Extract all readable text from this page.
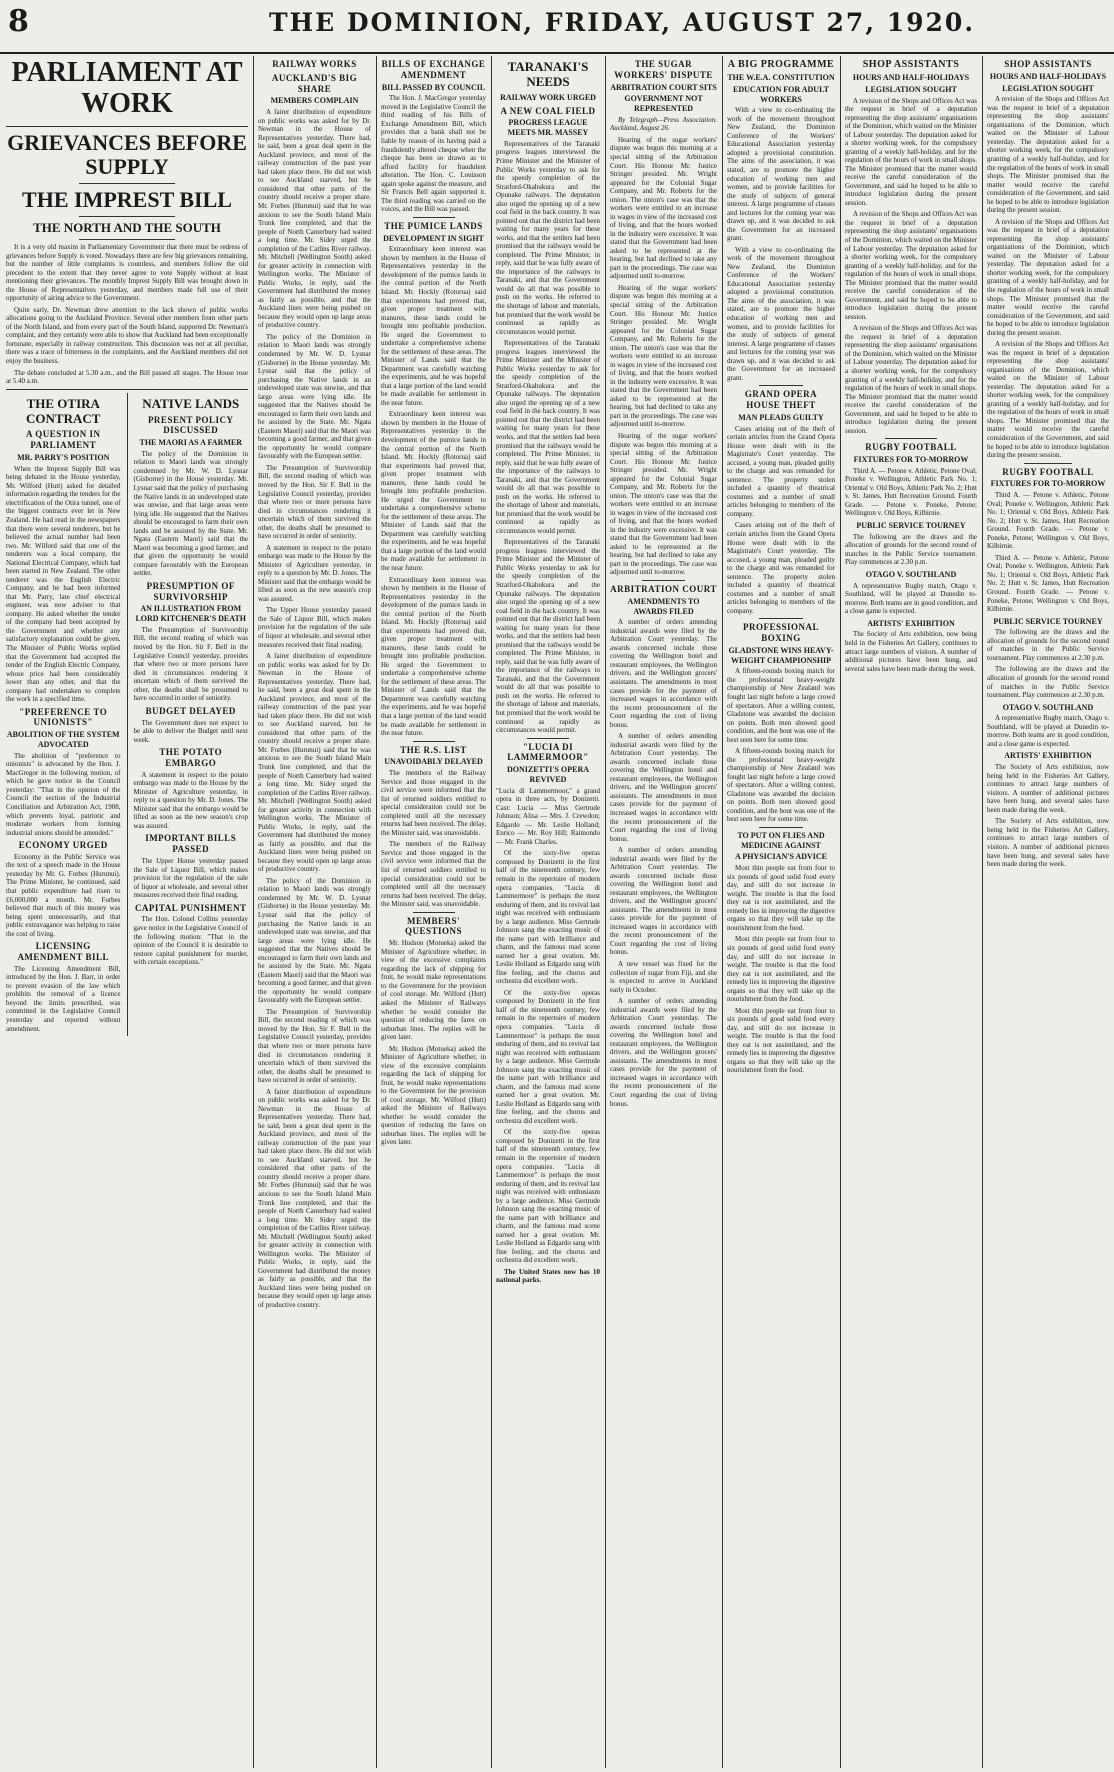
8	THE DOMINION, FRIDAY, AUGUST 27, 1920.
PARLIAMENT AT WORK
GRIEVANCES BEFORE SUPPLY
THE IMPREST BILL
THE NORTH AND THE SOUTH

It is a very old maxim in Parliamentary Government that there must be redress of grievances before Supply is voted. Nowadays there are few big grievances remaining, but the number of little complaints is countless, and members follow the old precedent to the extent that they never agree to vote Supply without at least mentioning their grievances. The monthly Imprest Supply Bill was brought down in the House of Representatives yesterday, and members made full use of their opportunity of airing advice to the Government.

Quite early, Dr. Newman drew attention to the lack shown of public works allocations going to the Auckland Province. Several other members from other parts of the North Island, and from every part of the South Island, supported Dr. Newman's complaint, and they certainly were able to show that Auckland had been exceptionally fortunate, especially in railway construction. This discussion was not at all peculiar, there was a trace of bitterness in the complaints, and the Auckland members did not enjoy the business.

The debate concluded at 5.30 a.m., and the Bill passed all stages. The House rose at 5.40 a.m.

THE OTIRA CONTRACT
A QUESTION IN PARLIAMENT
MR. PARRY'S POSITION

When the Imprest Supply Bill was being debated in the House yesterday, Mr. Wilford (Hutt) asked for detailed information regarding the tenders for the electrification of the Otira tunnel, one of the biggest contracts ever let in New Zealand. He had read in the newspapers that there were several tenderers, but he believed the actual number had been two. Mr. Wilford said that one of the tenderers was a local company, the National Electrical Company, which had been started in New Zealand. The other tenderer was the English Electric Company, and he had been informed that Mr. Parry, late chief electrical engineer, was now adviser to that company. He asked whether the tender of the company had been accepted by the Government and whether any satisfactory explanation could be given. The Minister of Public Works replied that the Government had accepted the tender of the English Electric Company, whose price had been considerably lower than any other, and that the company had undertaken to complete the work in a specified time.

"PREFERENCE TO UNIONISTS"
ABOLITION OF THE SYSTEM ADVOCATED

The abolition of "preference to unionists" is advocated by the Hon. J. MacGregor in the following motion, of which he gave notice in the Council yesterday: "That in the opinion of the Council the section of the Industrial Conciliation and Arbitration Act, 1908, which prevents loyal, patriotic and moderate workers from forming industrial unions should be amended."

ECONOMY URGED

Economy in the Public Service was the text of a speech made in the House yesterday by Mr. G. Forbes (Hurunui). The Prime Minister, he continued, said that public expenditure had risen to £6,000,000 a month. Mr. Forbes believed that much of this money was being spent unnecessarily, and that public extravagance was helping to raise the cost of living.

LICENSING AMENDMENT BILL

The Licensing Amendment Bill, introduced by the Hon. J. Barr, in order to prevent evasion of the law which prohibits the removal of a licence beyond the limits prescribed, was committed in the Legislative Council yesterday and reported without amendment.

NATIVE LANDS
PRESENT POLICY DISCUSSED
THE MAORI AS A FARMER

The policy of the Dominion in relation to Maori lands was strongly condemned by Mr. W. D. Lysnar (Gisborne) in the House yesterday. Mr. Lysnar said that the policy of purchasing the Native lands in an undeveloped state was unwise, and that large areas were lying idle. He suggested that the Natives should be encouraged to farm their own lands and be assisted by the State. Mr. Ngata (Eastern Maori) said that the Maori was becoming a good farmer, and that given the opportunity he would compare favourably with the European settler.

PRESUMPTION OF SURVIVORSHIP
AN ILLUSTRATION FROM LORD KITCHENER'S DEATH

The Presumption of Survivorship Bill, the second reading of which was moved by the Hon. Sir F. Bell in the Legislative Council yesterday, provides that where two or more persons have died in circumstances rendering it uncertain which of them survived the other, the deaths shall be presumed to have occurred in order of seniority.

BUDGET DELAYED

The Government does not expect to be able to deliver the Budget until next week.

THE POTATO EMBARGO

A statement in respect to the potato embargo was made to the House by the Minister of Agriculture yesterday, in reply to a question by Mr. D. Jones. The Minister said that the embargo would be lifted as soon as the new season's crop was assured.

IMPORTANT BILLS PASSED

The Upper House yesterday passed the Sale of Liquor Bill, which makes provision for the regulation of the sale of liquor at wholesale, and several other measures received their final reading.

CAPITAL PUNISHMENT

The Hon. Colonel Collins yesterday gave notice in the Legislative Council of the following motion: "That in the opinion of the Council it is desirable to restore capital punishment for murder, with certain exceptions."

RAILWAY WORKS
AUCKLAND'S BIG SHARE
MEMBERS COMPLAIN

A fairer distribution of expenditure on public works was asked for by Dr. Newman in the House of Representatives yesterday. There had, he said, been a great deal spent in the Auckland province, and most of the railway construction of the past year had taken place there. He did not wish to see Auckland starved, but he considered that other parts of the country should receive a proper share. Mr. Forbes (Hurunui) said that he was anxious to see the South Island Main Trunk line completed, and that the people of North Canterbury had waited a long time. Mr. Sidey urged the completion of the Catlins River railway. Mr. Mitchell (Wellington South) asked for greater activity in connection with Wellington works. The Minister of Public Works, in reply, said the Government had distributed the money as fairly as possible, and that the Auckland lines were being pushed on because they would open up large areas of productive country.

The policy of the Dominion in relation to Maori lands was strongly condemned by Mr. W. D. Lysnar (Gisborne) in the House yesterday. Mr. Lysnar said that the policy of purchasing the Native lands in an undeveloped state was unwise, and that large areas were lying idle. He suggested that the Natives should be encouraged to farm their own lands and be assisted by the State. Mr. Ngata (Eastern Maori) said that the Maori was becoming a good farmer, and that given the opportunity he would compare favourably with the European settler.

The Presumption of Survivorship Bill, the second reading of which was moved by the Hon. Sir F. Bell in the Legislative Council yesterday, provides that where two or more persons have died in circumstances rendering it uncertain which of them survived the other, the deaths shall be presumed to have occurred in order of seniority.

A statement in respect to the potato embargo was made to the House by the Minister of Agriculture yesterday, in reply to a question by Mr. D. Jones. The Minister said that the embargo would be lifted as soon as the new season's crop was assured.

The Upper House yesterday passed the Sale of Liquor Bill, which makes provision for the regulation of the sale of liquor at wholesale, and several other measures received their final reading.

A fairer distribution of expenditure on public works was asked for by Dr. Newman in the House of Representatives yesterday. There had, he said, been a great deal spent in the Auckland province, and most of the railway construction of the past year had taken place there. He did not wish to see Auckland starved, but he considered that other parts of the country should receive a proper share. Mr. Forbes (Hurunui) said that he was anxious to see the South Island Main Trunk line completed, and that the people of North Canterbury had waited a long time. Mr. Sidey urged the completion of the Catlins River railway. Mr. Mitchell (Wellington South) asked for greater activity in connection with Wellington works. The Minister of Public Works, in reply, said the Government had distributed the money as fairly as possible, and that the Auckland lines were being pushed on because they would open up large areas of productive country.

The policy of the Dominion in relation to Maori lands was strongly condemned by Mr. W. D. Lysnar (Gisborne) in the House yesterday. Mr. Lysnar said that the policy of purchasing the Native lands in an undeveloped state was unwise, and that large areas were lying idle. He suggested that the Natives should be encouraged to farm their own lands and be assisted by the State. Mr. Ngata (Eastern Maori) said that the Maori was becoming a good farmer, and that given the opportunity he would compare favourably with the European settler.

The Presumption of Survivorship Bill, the second reading of which was moved by the Hon. Sir F. Bell in the Legislative Council yesterday, provides that where two or more persons have died in circumstances rendering it uncertain which of them survived the other, the deaths shall be presumed to have occurred in order of seniority.

A fairer distribution of expenditure on public works was asked for by Dr. Newman in the House of Representatives yesterday. There had, he said, been a great deal spent in the Auckland province, and most of the railway construction of the past year had taken place there. He did not wish to see Auckland starved, but he considered that other parts of the country should receive a proper share. Mr. Forbes (Hurunui) said that he was anxious to see the South Island Main Trunk line completed, and that the people of North Canterbury had waited a long time. Mr. Sidey urged the completion of the Catlins River railway. Mr. Mitchell (Wellington South) asked for greater activity in connection with Wellington works. The Minister of Public Works, in reply, said the Government had distributed the money as fairly as possible, and that the Auckland lines were being pushed on because they would open up large areas of productive country.

BILLS OF EXCHANGE AMENDMENT
BILL PASSED BY COUNCIL

The Hon. J. MacGregor yesterday moved in the Legislative Council the third reading of his Bills of Exchange Amendment Bill, which provides that a bank shall not be liable by reason of its having paid a fraudulently altered cheque when the cheque has been so drawn as to afford facility for fraudulent alteration. The Hon. C. Louisson again spoke against the measure, and Sir Francis Bell again supported it. The third reading was carried on the voices, and the Bill was passed.

THE PUMICE LANDS
DEVELOPMENT IN SIGHT

Extraordinary keen interest was shown by members in the House of Representatives yesterday in the development of the pumice lands in the central portion of the North Island. Mr. Hockly (Rotorua) said that experiments had proved that, given proper treatment with manures, these lands could be brought into profitable production. He urged the Government to undertake a comprehensive scheme for the settlement of these areas. The Minister of Lands said that the Department was carefully watching the experiments, and he was hopeful that a large portion of the land would be made available for settlement in the near future.

Extraordinary keen interest was shown by members in the House of Representatives yesterday in the development of the pumice lands in the central portion of the North Island. Mr. Hockly (Rotorua) said that experiments had proved that, given proper treatment with manures, these lands could be brought into profitable production. He urged the Government to undertake a comprehensive scheme for the settlement of these areas. The Minister of Lands said that the Department was carefully watching the experiments, and he was hopeful that a large portion of the land would be made available for settlement in the near future.

Extraordinary keen interest was shown by members in the House of Representatives yesterday in the development of the pumice lands in the central portion of the North Island. Mr. Hockly (Rotorua) said that experiments had proved that, given proper treatment with manures, these lands could be brought into profitable production. He urged the Government to undertake a comprehensive scheme for the settlement of these areas. The Minister of Lands said that the Department was carefully watching the experiments, and he was hopeful that a large portion of the land would be made available for settlement in the near future.

THE R.S. LIST
UNAVOIDABLY DELAYED

The members of the Railway Service and those engaged in the civil service were informed that the list of returned soldiers entitled to special consideration could not be completed until all the necessary returns had been received. The delay, the Minister said, was unavoidable.

The members of the Railway Service and those engaged in the civil service were informed that the list of returned soldiers entitled to special consideration could not be completed until all the necessary returns had been received. The delay, the Minister said, was unavoidable.

MEMBERS' QUESTIONS

Mr. Hudson (Motueka) asked the Minister of Agriculture whether, in view of the excessive complaints regarding the lack of shipping for fruit, he would make representations to the Government for the provision of cool storage. Mr. Wilford (Hutt) asked the Minister of Railways whether he would consider the question of reducing the fares on suburban lines. The replies will be given later.

Mr. Hudson (Motueka) asked the Minister of Agriculture whether, in view of the excessive complaints regarding the lack of shipping for fruit, he would make representations to the Government for the provision of cool storage. Mr. Wilford (Hutt) asked the Minister of Railways whether he would consider the question of reducing the fares on suburban lines. The replies will be given later.

TARANAKI'S NEEDS
RAILWAY WORK URGED
A NEW COAL FIELD
PROGRESS LEAGUE MEETS MR. MASSEY

Representatives of the Taranaki progress leagues interviewed the Prime Minister and the Minister of Public Works yesterday to ask for the speedy completion of the Stratford-Okahukura and the Opunake railways. The deputation also urged the opening up of a new coal field in the back country. It was pointed out that the district had been waiting for many years for these works, and that the settlers had been promised that the railways would be completed. The Prime Minister, in reply, said that he was fully aware of the importance of the railways to Taranaki, and that the Government would do all that was possible to push on the works. He referred to the shortage of labour and materials, but promised that the work would be continued as rapidly as circumstances would permit.

Representatives of the Taranaki progress leagues interviewed the Prime Minister and the Minister of Public Works yesterday to ask for the speedy completion of the Stratford-Okahukura and the Opunake railways. The deputation also urged the opening up of a new coal field in the back country. It was pointed out that the district had been waiting for many years for these works, and that the settlers had been promised that the railways would be completed. The Prime Minister, in reply, said that he was fully aware of the importance of the railways to Taranaki, and that the Government would do all that was possible to push on the works. He referred to the shortage of labour and materials, but promised that the work would be continued as rapidly as circumstances would permit.

Representatives of the Taranaki progress leagues interviewed the Prime Minister and the Minister of Public Works yesterday to ask for the speedy completion of the Stratford-Okahukura and the Opunake railways. The deputation also urged the opening up of a new coal field in the back country. It was pointed out that the district had been waiting for many years for these works, and that the settlers had been promised that the railways would be completed. The Prime Minister, in reply, said that he was fully aware of the importance of the railways to Taranaki, and that the Government would do all that was possible to push on the works. He referred to the shortage of labour and materials, but promised that the work would be continued as rapidly as circumstances would permit.

"LUCIA DI LAMMERMOOR"
DONIZETTI'S OPERA REVIVED

"Lucia di Lammermoor," a grand opera in three acts, by Donizetti. Cast: Lucia — Miss Gertrude Johnson; Alisa — Mrs. J. Crewdon; Edgardo — Mr. Leslie Holland; Enrico — Mr. Roy Hill; Raimondo — Mr. Frank Charles.

Of the sixty-five operas composed by Donizetti in the first half of the nineteenth century, few remain in the repertoire of modern opera companies. "Lucia di Lammermoor" is perhaps the most enduring of them, and its revival last night was received with enthusiasm by a large audience. Miss Gertrude Johnson sang the exacting music of the name part with brilliance and charm, and the famous mad scene earned her a great ovation. Mr. Leslie Holland as Edgardo sang with fine feeling, and the chorus and orchestra did excellent work.

Of the sixty-five operas composed by Donizetti in the first half of the nineteenth century, few remain in the repertoire of modern opera companies. "Lucia di Lammermoor" is perhaps the most enduring of them, and its revival last night was received with enthusiasm by a large audience. Miss Gertrude Johnson sang the exacting music of the name part with brilliance and charm, and the famous mad scene earned her a great ovation. Mr. Leslie Holland as Edgardo sang with fine feeling, and the chorus and orchestra did excellent work.

Of the sixty-five operas composed by Donizetti in the first half of the nineteenth century, few remain in the repertoire of modern opera companies. "Lucia di Lammermoor" is perhaps the most enduring of them, and its revival last night was received with enthusiasm by a large audience. Miss Gertrude Johnson sang the exacting music of the name part with brilliance and charm, and the famous mad scene earned her a great ovation. Mr. Leslie Holland as Edgardo sang with fine feeling, and the chorus and orchestra did excellent work.

The United States now has 10 national parks.

THE SUGAR WORKERS' DISPUTE
ARBITRATION COURT SITS
GOVERNMENT NOT REPRESENTED

By Telegraph—Press Association. Auckland, August 26.

Hearing of the sugar workers' dispute was begun this morning at a special sitting of the Arbitration Court. His Honour Mr. Justice Stringer presided. Mr. Wright appeared for the Colonial Sugar Company, and Mr. Roberts for the union. The union's case was that the workers were entitled to an increase in wages in view of the increased cost of living, and that the hours worked in the industry were excessive. It was stated that the Government had been asked to be represented at the hearing, but had declined to take any part in the proceedings. The case was adjourned until to-morrow.

Hearing of the sugar workers' dispute was begun this morning at a special sitting of the Arbitration Court. His Honour Mr. Justice Stringer presided. Mr. Wright appeared for the Colonial Sugar Company, and Mr. Roberts for the union. The union's case was that the workers were entitled to an increase in wages in view of the increased cost of living, and that the hours worked in the industry were excessive. It was stated that the Government had been asked to be represented at the hearing, but had declined to take any part in the proceedings. The case was adjourned until to-morrow.

Hearing of the sugar workers' dispute was begun this morning at a special sitting of the Arbitration Court. His Honour Mr. Justice Stringer presided. Mr. Wright appeared for the Colonial Sugar Company, and Mr. Roberts for the union. The union's case was that the workers were entitled to an increase in wages in view of the increased cost of living, and that the hours worked in the industry were excessive. It was stated that the Government had been asked to be represented at the hearing, but had declined to take any part in the proceedings. The case was adjourned until to-morrow.

ARBITRATION COURT
AMENDMENTS TO AWARDS FILED

A number of orders amending industrial awards were filed by the Arbitration Court yesterday. The awards concerned include those covering the Wellington hotel and restaurant employees, the Wellington drivers, and the Wellington grocers' assistants. The amendments in most cases provide for the payment of increased wages in accordance with the recent pronouncement of the Court regarding the cost of living bonus.

A number of orders amending industrial awards were filed by the Arbitration Court yesterday. The awards concerned include those covering the Wellington hotel and restaurant employees, the Wellington drivers, and the Wellington grocers' assistants. The amendments in most cases provide for the payment of increased wages in accordance with the recent pronouncement of the Court regarding the cost of living bonus.

A number of orders amending industrial awards were filed by the Arbitration Court yesterday. The awards concerned include those covering the Wellington hotel and restaurant employees, the Wellington drivers, and the Wellington grocers' assistants. The amendments in most cases provide for the payment of increased wages in accordance with the recent pronouncement of the Court regarding the cost of living bonus.

A new vessel was fixed for the collection of sugar from Fiji, and she is expected to arrive in Auckland early in October.

A number of orders amending industrial awards were filed by the Arbitration Court yesterday. The awards concerned include those covering the Wellington hotel and restaurant employees, the Wellington drivers, and the Wellington grocers' assistants. The amendments in most cases provide for the payment of increased wages in accordance with the recent pronouncement of the Court regarding the cost of living bonus.

A BIG PROGRAMME
THE W.E.A. CONSTITUTION
EDUCATION FOR ADULT WORKERS

With a view to co-ordinating the work of the movement throughout New Zealand, the Dominion Conference of the Workers' Educational Association yesterday adopted a provisional constitution. The aims of the association, it was stated, are to promote the higher education of working men and women, and to provide facilities for the study of subjects of general interest. A large programme of classes and lectures for the coming year was drawn up, and it was decided to ask the Government for an increased grant.

With a view to co-ordinating the work of the movement throughout New Zealand, the Dominion Conference of the Workers' Educational Association yesterday adopted a provisional constitution. The aims of the association, it was stated, are to promote the higher education of working men and women, and to provide facilities for the study of subjects of general interest. A large programme of classes and lectures for the coming year was drawn up, and it was decided to ask the Government for an increased grant.

GRAND OPERA HOUSE THEFT
MAN PLEADS GUILTY

Cases arising out of the theft of certain articles from the Grand Opera House were dealt with in the Magistrate's Court yesterday. The accused, a young man, pleaded guilty to the charge and was remanded for sentence. The property stolen included a quantity of theatrical costumes and a number of small articles belonging to members of the company.

Cases arising out of the theft of certain articles from the Grand Opera House were dealt with in the Magistrate's Court yesterday. The accused, a young man, pleaded guilty to the charge and was remanded for sentence. The property stolen included a quantity of theatrical costumes and a number of small articles belonging to members of the company.

PROFESSIONAL BOXING
GLADSTONE WINS HEAVY-WEIGHT CHAMPIONSHIP

A fifteen-rounds boxing match for the professional heavy-weight championship of New Zealand was fought last night before a large crowd of spectators. After a willing contest, Gladstone was awarded the decision on points. Both men showed good condition, and the bout was one of the best seen here for some time.

A fifteen-rounds boxing match for the professional heavy-weight championship of New Zealand was fought last night before a large crowd of spectators. After a willing contest, Gladstone was awarded the decision on points. Both men showed good condition, and the bout was one of the best seen here for some time.

TO PUT ON FLIES AND MEDICINE AGAINST
A PHYSICIAN'S ADVICE

Most thin people eat from four to six pounds of good solid food every day, and still do not increase in weight. The trouble is that the food they eat is not assimilated, and the remedy lies in improving the digestive organs so that they will take up the nourishment from the food.

Most thin people eat from four to six pounds of good solid food every day, and still do not increase in weight. The trouble is that the food they eat is not assimilated, and the remedy lies in improving the digestive organs so that they will take up the nourishment from the food.

Most thin people eat from four to six pounds of good solid food every day, and still do not increase in weight. The trouble is that the food they eat is not assimilated, and the remedy lies in improving the digestive organs so that they will take up the nourishment from the food.

SHOP ASSISTANTS
HOURS AND HALF-HOLIDAYS
LEGISLATION SOUGHT

A revision of the Shops and Offices Act was the request in brief of a deputation representing the shop assistants' organisations of the Dominion, which waited on the Minister of Labour yesterday. The deputation asked for a shorter working week, for the compulsory granting of a weekly half-holiday, and for the regulation of the hours of work in small shops. The Minister promised that the matter would receive the careful consideration of the Government, and said he hoped to be able to introduce legislation during the present session.

A revision of the Shops and Offices Act was the request in brief of a deputation representing the shop assistants' organisations of the Dominion, which waited on the Minister of Labour yesterday. The deputation asked for a shorter working week, for the compulsory granting of a weekly half-holiday, and for the regulation of the hours of work in small shops. The Minister promised that the matter would receive the careful consideration of the Government, and said he hoped to be able to introduce legislation during the present session.

A revision of the Shops and Offices Act was the request in brief of a deputation representing the shop assistants' organisations of the Dominion, which waited on the Minister of Labour yesterday. The deputation asked for a shorter working week, for the compulsory granting of a weekly half-holiday, and for the regulation of the hours of work in small shops. The Minister promised that the matter would receive the careful consideration of the Government, and said he hoped to be able to introduce legislation during the present session.

RUGBY FOOTBALL
FIXTURES FOR TO-MORROW

Third A. — Petone v. Athletic, Petone Oval; Poneke v. Wellington, Athletic Park No. 1; Oriental v. Old Boys, Athletic Park No. 2; Hutt v. St. James, Hutt Recreation Ground. Fourth Grade. — Petone v. Poneke, Petone; Wellington v. Old Boys, Kilbirnie.

PUBLIC SERVICE TOURNEY

The following are the draws and the allocation of grounds for the second round of matches in the Public Service tournament. Play commences at 2.30 p.m.

OTAGO V. SOUTHLAND

A representative Rugby match, Otago v. Southland, will be played at Dunedin to-morrow. Both teams are in good condition, and a close game is expected.

ARTISTS' EXHIBITION

The Society of Arts exhibition, now being held in the Fisheries Art Gallery, continues to attract large numbers of visitors. A number of additional pictures have been hung, and several sales have been made during the week.

SHOP ASSISTANTS
HOURS AND HALF-HOLIDAYS
LEGISLATION SOUGHT

A revision of the Shops and Offices Act was the request in brief of a deputation representing the shop assistants' organisations of the Dominion, which waited on the Minister of Labour yesterday. The deputation asked for a shorter working week, for the compulsory granting of a weekly half-holiday, and for the regulation of the hours of work in small shops. The Minister promised that the matter would receive the careful consideration of the Government, and said he hoped to be able to introduce legislation during the present session.

A revision of the Shops and Offices Act was the request in brief of a deputation representing the shop assistants' organisations of the Dominion, which waited on the Minister of Labour yesterday. The deputation asked for a shorter working week, for the compulsory granting of a weekly half-holiday, and for the regulation of the hours of work in small shops. The Minister promised that the matter would receive the careful consideration of the Government, and said he hoped to be able to introduce legislation during the present session.

A revision of the Shops and Offices Act was the request in brief of a deputation representing the shop assistants' organisations of the Dominion, which waited on the Minister of Labour yesterday. The deputation asked for a shorter working week, for the compulsory granting of a weekly half-holiday, and for the regulation of the hours of work in small shops. The Minister promised that the matter would receive the careful consideration of the Government, and said he hoped to be able to introduce legislation during the present session.

RUGBY FOOTBALL
FIXTURES FOR TO-MORROW

Third A. — Petone v. Athletic, Petone Oval; Poneke v. Wellington, Athletic Park No. 1; Oriental v. Old Boys, Athletic Park No. 2; Hutt v. St. James, Hutt Recreation Ground. Fourth Grade. — Petone v. Poneke, Petone; Wellington v. Old Boys, Kilbirnie.

Third A. — Petone v. Athletic, Petone Oval; Poneke v. Wellington, Athletic Park No. 1; Oriental v. Old Boys, Athletic Park No. 2; Hutt v. St. James, Hutt Recreation Ground. Fourth Grade. — Petone v. Poneke, Petone; Wellington v. Old Boys, Kilbirnie.

PUBLIC SERVICE TOURNEY

The following are the draws and the allocation of grounds for the second round of matches in the Public Service tournament. Play commences at 2.30 p.m.

The following are the draws and the allocation of grounds for the second round of matches in the Public Service tournament. Play commences at 2.30 p.m.

OTAGO V. SOUTHLAND

A representative Rugby match, Otago v. Southland, will be played at Dunedin to-morrow. Both teams are in good condition, and a close game is expected.

ARTISTS' EXHIBITION

The Society of Arts exhibition, now being held in the Fisheries Art Gallery, continues to attract large numbers of visitors. A number of additional pictures have been hung, and several sales have been made during the week.

The Society of Arts exhibition, now being held in the Fisheries Art Gallery, continues to attract large numbers of visitors. A number of additional pictures have been hung, and several sales have been made during the week.
